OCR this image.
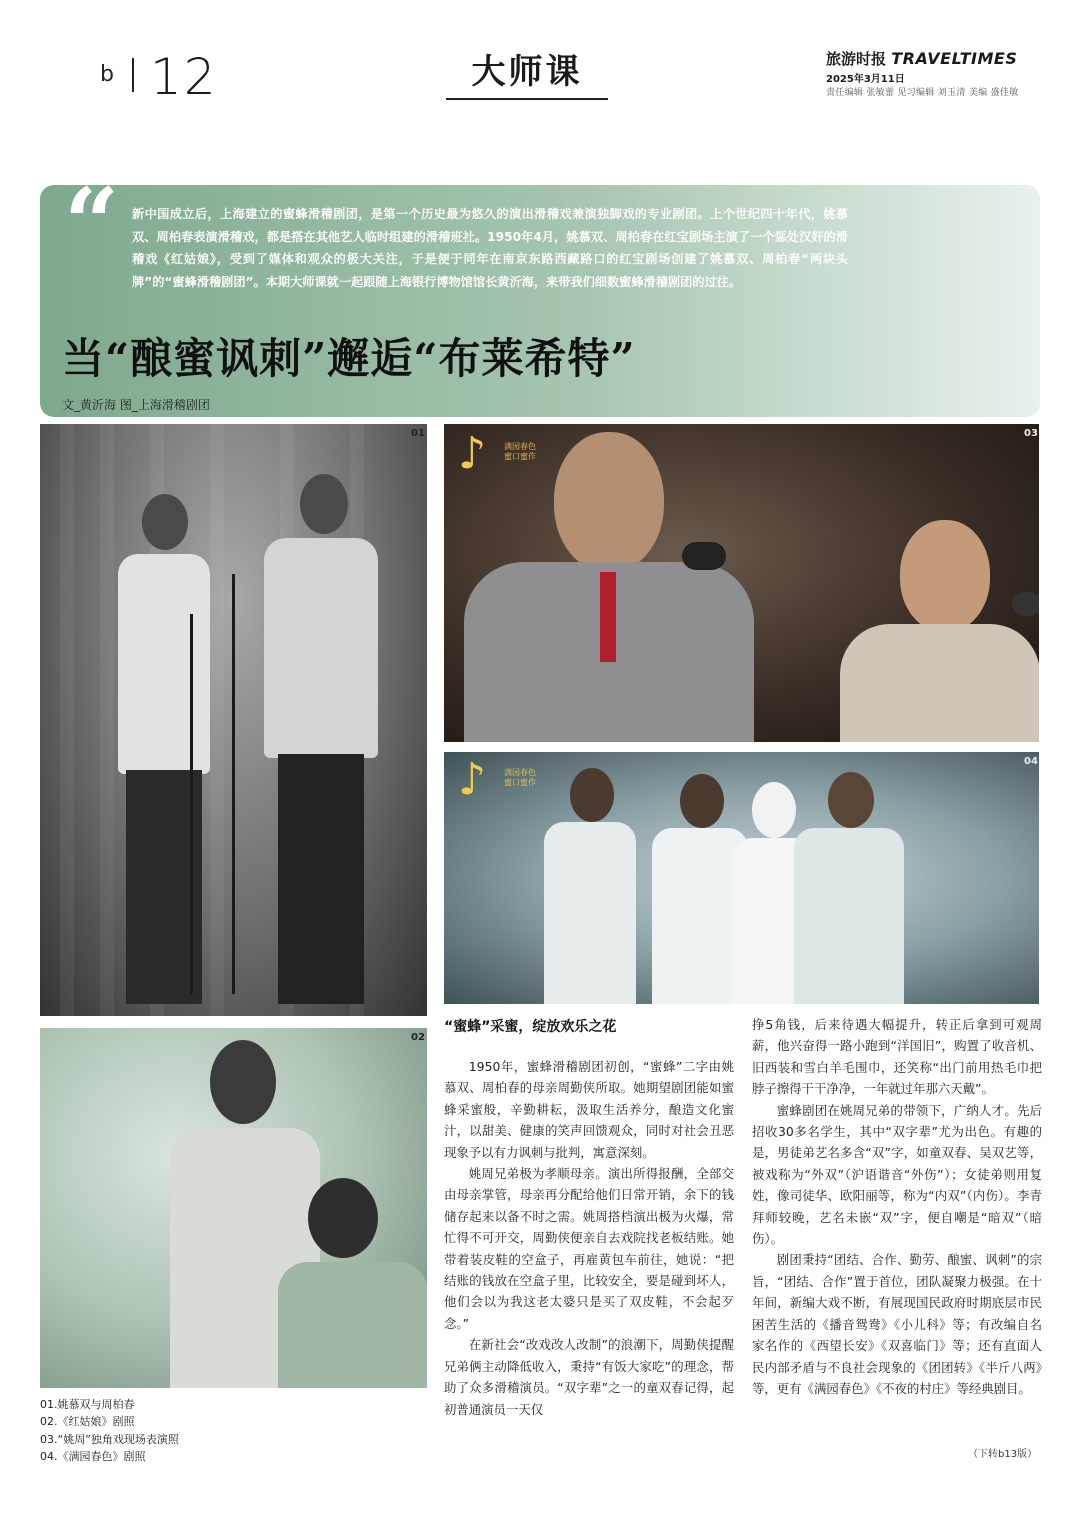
b 12	大师课	旅游时报 TRAVELTIMES
2025年3月11日
责任编辑 张敏蕾 见习编辑 刘玉清 美编 盛佳敏
“ 新中国成立后，上海建立的蜜蜂滑稽剧团，是第一个历史最为悠久的演出滑稽戏兼演独脚戏的专业剧团。上个世纪四十年代，姚慕双、周柏春表演滑稽戏，都是搭在其他艺人临时组建的滑稽班社。1950年4月，姚慕双、周柏春在红宝剧场主演了一个惩处汉奸的滑稽戏《红姑娘》，受到了媒体和观众的极大关注，于是便于同年在南京东路西藏路口的红宝剧场创建了姚慕双、周柏春“两块头牌”的“蜜蜂滑稽剧团”。本期大师课就一起跟随上海银行博物馆馆长黄沂海，来带我们细数蜜蜂滑稽剧团的过往。
当“酿蜜讽刺”邂逅“布莱希特”
文_黄沂海 图_上海滑稽剧团
01
02
♪ 满园春色 蜜口蜜作
03
♪ 满园春色 蜜口蜜作
04
“蜜蜂”采蜜，绽放欢乐之花

1950年，蜜蜂滑稽剧团初创，“蜜蜂”二字由姚慕双、周柏春的母亲周勤侠所取。她期望剧团能如蜜蜂采蜜般，辛勤耕耘，汲取生活养分，酿造文化蜜汁，以甜美、健康的笑声回馈观众，同时对社会丑恶现象予以有力讽刺与批判，寓意深刻。

姚周兄弟极为孝顺母亲。演出所得报酬，全部交由母亲掌管，母亲再分配给他们日常开销，余下的钱储存起来以备不时之需。姚周搭档演出极为火爆，常忙得不可开交，周勤侠便亲自去戏院找老板结账。她带着装皮鞋的空盒子，再雇黄包车前往，她说：“把结账的钱放在空盒子里，比较安全，要是碰到坏人，他们会以为我这老太婆只是买了双皮鞋，不会起歹念。”

在新社会“改戏改人改制”的浪潮下，周勤侠提醒兄弟俩主动降低收入，秉持“有饭大家吃”的理念，帮助了众多滑稽演员。“双字辈”之一的童双春记得，起初普通演员一天仅

挣5角钱，后来待遇大幅提升，转正后拿到可观周薪，他兴奋得一路小跑到“洋国旧”，购置了收音机、旧西装和雪白羊毛围巾，还笑称“出门前用热毛巾把脖子擦得干干净净，一年就过年那六天戴”。

蜜蜂剧团在姚周兄弟的带领下，广纳人才。先后招收30多名学生，其中“双字辈”尤为出色。有趣的是，男徒弟艺名多含“双”字，如童双春、吴双艺等，被戏称为“外双”（沪语谐音“外伤”）；女徒弟则用复姓，像司徒华、欧阳丽等，称为“内双”（内伤）。李青拜师较晚，艺名未嵌“双”字，便自嘲是“暗双”（暗伤）。

剧团秉持“团结、合作、勤劳、酿蜜、讽刺”的宗旨，“团结、合作”置于首位，团队凝聚力极强。在十年间，新编大戏不断，有展现国民政府时期底层市民困苦生活的《播音鸳鸯》《小儿科》等；有改编自名家名作的《西望长安》《双喜临门》等；还有直面人民内部矛盾与不良社会现象的《团团转》《半斤八两》等，更有《满园春色》《不夜的村庄》等经典剧目。

（下转b13版）
01.姚慕双与周柏春
02.《红姑娘》剧照
03.“姚周”独角戏现场表演照
04.《满园春色》剧照
